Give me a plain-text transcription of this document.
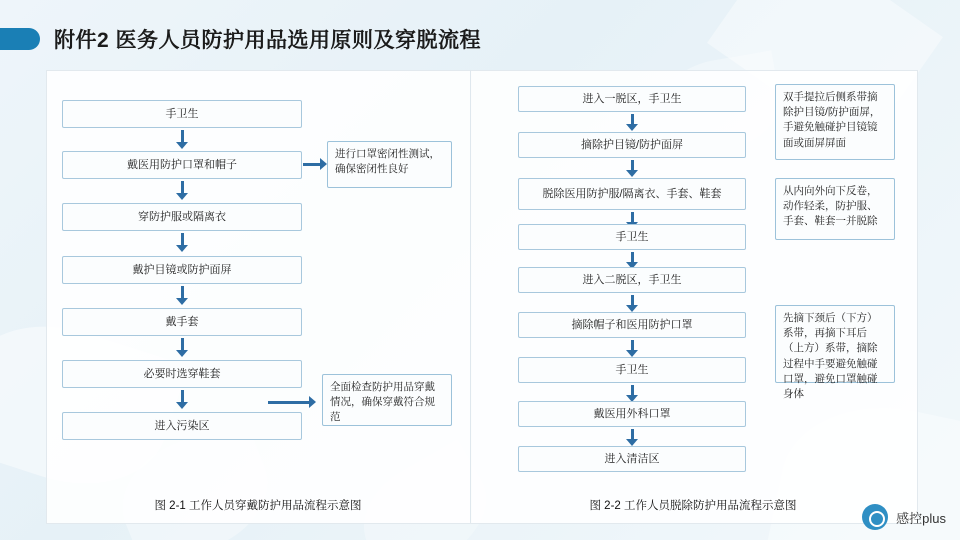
附件2 医务人员防护用品选用原则及穿脱流程
手卫生
戴医用防护口罩和帽子
进行口罩密闭性测试，确保密闭性良好
穿防护服或隔离衣
戴护目镜或防护面屏
戴手套
必要时选穿鞋套
进入污染区
全面检查防护用品穿戴情况，确保穿戴符合规范
图 2-1 工作人员穿戴防护用品流程示意图
进入一脱区，手卫生
摘除护目镜/防护面屏
双手提拉后侧系带摘除护目镜/防护面屏，手避免触碰护目镜镜面或面屏屏面
脱除医用防护服/隔离衣、手套、鞋套	从内向外向下反卷，动作轻柔，防护服、手套、鞋套一并脱除
手卫生
进入二脱区，手卫生
摘除帽子和医用防护口罩
先摘下颈后（下方）系带，再摘下耳后（上方）系带，摘除过程中手要避免触碰口罩，避免口罩触碰身体
手卫生
戴医用外科口罩
进入清洁区
图 2-2 工作人员脱除防护用品流程示意图
感控plus
